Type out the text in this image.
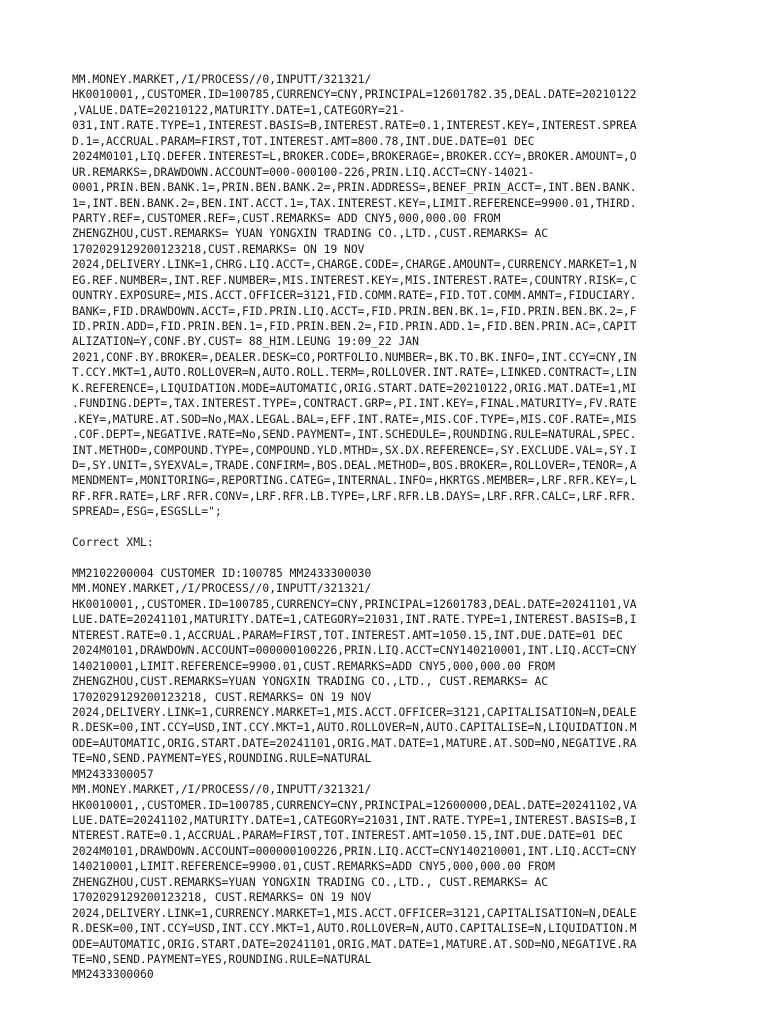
MM.MONEY.MARKET,/I/PROCESS//0,INPUTT/321321/
HK0010001,,CUSTOMER.ID=100785,CURRENCY=CNY,PRINCIPAL=12601782.35,DEAL.DATE=20210122
,VALUE.DATE=20210122,MATURITY.DATE=1,CATEGORY=21-
031,INT.RATE.TYPE=1,INTEREST.BASIS=B,INTEREST.RATE=0.1,INTEREST.KEY=,INTEREST.SPREA
D.1=,ACCRUAL.PARAM=FIRST,TOT.INTEREST.AMT=800.78,INT.DUE.DATE=01 DEC
2024M0101,LIQ.DEFER.INTEREST=L,BROKER.CODE=,BROKERAGE=,BROKER.CCY=,BROKER.AMOUNT=,O
UR.REMARKS=,DRAWDOWN.ACCOUNT=000-000100-226,PRIN.LIQ.ACCT=CNY-14021-
0001,PRIN.BEN.BANK.1=,PRIN.BEN.BANK.2=,PRIN.ADDRESS=,BENEF_PRIN_ACCT=,INT.BEN.BANK.
1=,INT.BEN.BANK.2=,BEN.INT.ACCT.1=,TAX.INTEREST.KEY=,LIMIT.REFERENCE=9900.01,THIRD.
PARTY.REF=,CUSTOMER.REF=,CUST.REMARKS= ADD CNY5,000,000.00 FROM
ZHENGZHOU,CUST.REMARKS= YUAN YONGXIN TRADING CO.,LTD.,CUST.REMARKS= AC
1702029129200123218,CUST.REMARKS= ON 19 NOV
2024,DELIVERY.LINK=1,CHRG.LIQ.ACCT=,CHARGE.CODE=,CHARGE.AMOUNT=,CURRENCY.MARKET=1,N
EG.REF.NUMBER=,INT.REF.NUMBER=,MIS.INTEREST.KEY=,MIS.INTEREST.RATE=,COUNTRY.RISK=,C
OUNTRY.EXPOSURE=,MIS.ACCT.OFFICER=3121,FID.COMM.RATE=,FID.TOT.COMM.AMNT=,FIDUCIARY.
BANK=,FID.DRAWDOWN.ACCT=,FID.PRIN.LIQ.ACCT=,FID.PRIN.BEN.BK.1=,FID.PRIN.BEN.BK.2=,F
ID.PRIN.ADD=,FID.PRIN.BEN.1=,FID.PRIN.BEN.2=,FID.PRIN.ADD.1=,FID.BEN.PRIN.AC=,CAPIT
ALIZATION=Y,CONF.BY.CUST= 88_HIM.LEUNG 19:09_22 JAN
2021,CONF.BY.BROKER=,DEALER.DESK=CO,PORTFOLIO.NUMBER=,BK.TO.BK.INFO=,INT.CCY=CNY,IN
T.CCY.MKT=1,AUTO.ROLLOVER=N,AUTO.ROLL.TERM=,ROLLOVER.INT.RATE=,LINKED.CONTRACT=,LIN
K.REFERENCE=,LIQUIDATION.MODE=AUTOMATIC,ORIG.START.DATE=20210122,ORIG.MAT.DATE=1,MI
.FUNDING.DEPT=,TAX.INTEREST.TYPE=,CONTRACT.GRP=,PI.INT.KEY=,FINAL.MATURITY=,FV.RATE
.KEY=,MATURE.AT.SOD=No,MAX.LEGAL.BAL=,EFF.INT.RATE=,MIS.COF.TYPE=,MIS.COF.RATE=,MIS
.COF.DEPT=,NEGATIVE.RATE=No,SEND.PAYMENT=,INT.SCHEDULE=,ROUNDING.RULE=NATURAL,SPEC.
INT.METHOD=,COMPOUND.TYPE=,COMPOUND.YLD.MTHD=,SX.DX.REFERENCE=,SY.EXCLUDE.VAL=,SY.I
D=,SY.UNIT=,SYEXVAL=,TRADE.CONFIRM=,BOS.DEAL.METHOD=,BOS.BROKER=,ROLLOVER=,TENOR=,A
MENDMENT=,MONITORING=,REPORTING.CATEG=,INTERNAL.INFO=,HKRTGS.MEMBER=,LRF.RFR.KEY=,L
RF.RFR.RATE=,LRF.RFR.CONV=,LRF.RFR.LB.TYPE=,LRF.RFR.LB.DAYS=,LRF.RFR.CALC=,LRF.RFR.
SPREAD=,ESG=,ESGSLL=";
Correct XML:
MM2102200004 CUSTOMER ID:100785 MM2433300030
MM.MONEY.MARKET,/I/PROCESS//0,INPUTT/321321/
HK0010001,,CUSTOMER.ID=100785,CURRENCY=CNY,PRINCIPAL=12601783,DEAL.DATE=20241101,VA
LUE.DATE=20241101,MATURITY.DATE=1,CATEGORY=21031,INT.RATE.TYPE=1,INTEREST.BASIS=B,I
NTEREST.RATE=0.1,ACCRUAL.PARAM=FIRST,TOT.INTEREST.AMT=1050.15,INT.DUE.DATE=01 DEC
2024M0101,DRAWDOWN.ACCOUNT=000000100226,PRIN.LIQ.ACCT=CNY140210001,INT.LIQ.ACCT=CNY
140210001,LIMIT.REFERENCE=9900.01,CUST.REMARKS=ADD CNY5,000,000.00 FROM
ZHENGZHOU,CUST.REMARKS=YUAN YONGXIN TRADING CO.,LTD., CUST.REMARKS= AC
1702029129200123218, CUST.REMARKS= ON 19 NOV
2024,DELIVERY.LINK=1,CURRENCY.MARKET=1,MIS.ACCT.OFFICER=3121,CAPITALISATION=N,DEALE
R.DESK=00,INT.CCY=USD,INT.CCY.MKT=1,AUTO.ROLLOVER=N,AUTO.CAPITALISE=N,LIQUIDATION.M
ODE=AUTOMATIC,ORIG.START.DATE=20241101,ORIG.MAT.DATE=1,MATURE.AT.SOD=NO,NEGATIVE.RA
TE=NO,SEND.PAYMENT=YES,ROUNDING.RULE=NATURAL
MM2433300057
MM.MONEY.MARKET,/I/PROCESS//0,INPUTT/321321/
HK0010001,,CUSTOMER.ID=100785,CURRENCY=CNY,PRINCIPAL=12600000,DEAL.DATE=20241102,VA
LUE.DATE=20241102,MATURITY.DATE=1,CATEGORY=21031,INT.RATE.TYPE=1,INTEREST.BASIS=B,I
NTEREST.RATE=0.1,ACCRUAL.PARAM=FIRST,TOT.INTEREST.AMT=1050.15,INT.DUE.DATE=01 DEC
2024M0101,DRAWDOWN.ACCOUNT=000000100226,PRIN.LIQ.ACCT=CNY140210001,INT.LIQ.ACCT=CNY
140210001,LIMIT.REFERENCE=9900.01,CUST.REMARKS=ADD CNY5,000,000.00 FROM
ZHENGZHOU,CUST.REMARKS=YUAN YONGXIN TRADING CO.,LTD., CUST.REMARKS= AC
1702029129200123218, CUST.REMARKS= ON 19 NOV
2024,DELIVERY.LINK=1,CURRENCY.MARKET=1,MIS.ACCT.OFFICER=3121,CAPITALISATION=N,DEALE
R.DESK=00,INT.CCY=USD,INT.CCY.MKT=1,AUTO.ROLLOVER=N,AUTO.CAPITALISE=N,LIQUIDATION.M
ODE=AUTOMATIC,ORIG.START.DATE=20241101,ORIG.MAT.DATE=1,MATURE.AT.SOD=NO,NEGATIVE.RA
TE=NO,SEND.PAYMENT=YES,ROUNDING.RULE=NATURAL
MM2433300060
